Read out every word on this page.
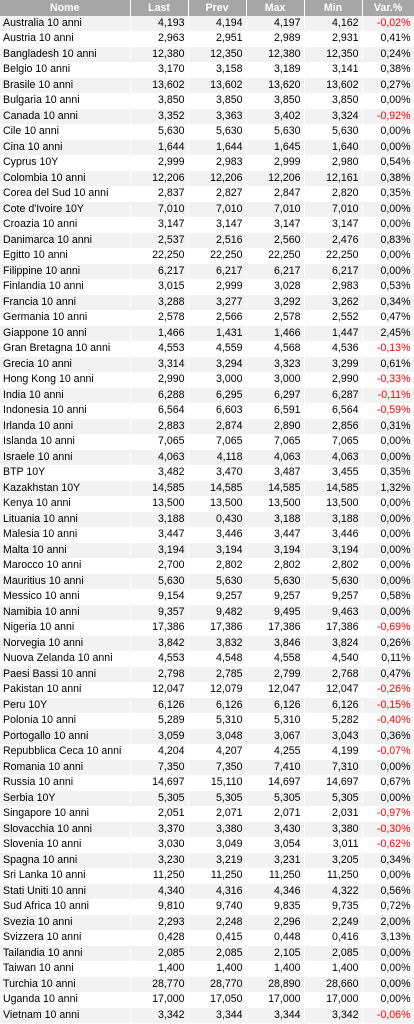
Nome	Last	Prev	Max	Min	Var.%
Australia 10 anni	4,193	4,194	4,197	4,162	-0,02%
Austria 10 anni	2,963	2,951	2,989	2,931	0,41%
Bangladesh 10 anni	12,380	12,350	12,380	12,350	0,24%
Belgio 10 anni	3,170	3,158	3,189	3,141	0,38%
Brasile 10 anni	13,602	13,602	13,620	13,602	0,27%
Bulgaria 10 anni	3,850	3,850	3,850	3,850	0,00%
Canada 10 anni	3,352	3,363	3,402	3,324	-0,92%
Cile 10 anni	5,630	5,630	5,630	5,630	0,00%
Cina 10 anni	1,644	1,644	1,645	1,640	0,00%
Cyprus 10Y	2,999	2,983	2,999	2,980	0,54%
Colombia 10 anni	12,206	12,206	12,206	12,161	0,38%
Corea del Sud 10 anni	2,837	2,827	2,847	2,820	0,35%
Cote d'Ivoire 10Y	7,010	7,010	7,010	7,010	0,00%
Croazia 10 anni	3,147	3,147	3,147	3,147	0,00%
Danimarca 10 anni	2,537	2,516	2,560	2,476	0,83%
Egitto 10 anni	22,250	22,250	22,250	22,250	0,00%
Filippine 10 anni	6,217	6,217	6,217	6,217	0,00%
Finlandia 10 anni	3,015	2,999	3,028	2,983	0,53%
Francia 10 anni	3,288	3,277	3,292	3,262	0,34%
Germania 10 anni	2,578	2,566	2,578	2,552	0,47%
Giappone 10 anni	1,466	1,431	1,466	1,447	2,45%
Gran Bretagna 10 anni	4,553	4,559	4,568	4,536	-0,13%
Grecia 10 anni	3,314	3,294	3,323	3,299	0,61%
Hong Kong 10 anni	2,990	3,000	3,000	2,990	-0,33%
India 10 anni	6,288	6,295	6,297	6,287	-0,11%
Indonesia 10 anni	6,564	6,603	6,591	6,564	-0,59%
Irlanda 10 anni	2,883	2,874	2,890	2,856	0,31%
Islanda 10 anni	7,065	7,065	7,065	7,065	0,00%
Israele 10 anni	4,063	4,118	4,063	4,063	0,00%
BTP 10Y	3,482	3,470	3,487	3,455	0,35%
Kazakhstan 10Y	14,585	14,585	14,585	14,585	1,32%
Kenya 10 anni	13,500	13,500	13,500	13,500	0,00%
Lituania 10 anni	3,188	0,430	3,188	3,188	0,00%
Malesia 10 anni	3,447	3,446	3,447	3,446	0,00%
Malta 10 anni	3,194	3,194	3,194	3,194	0,00%
Marocco 10 anni	2,700	2,802	2,802	2,802	0,00%
Mauritius 10 anni	5,630	5,630	5,630	5,630	0,00%
Messico 10 anni	9,154	9,257	9,257	9,257	0,58%
Namibia 10 anni	9,357	9,482	9,495	9,463	0,00%
Nigeria 10 anni	17,386	17,386	17,386	17,386	-0,69%
Norvegia 10 anni	3,842	3,832	3,846	3,824	0,26%
Nuova Zelanda 10 anni	4,553	4,548	4,558	4,540	0,11%
Paesi Bassi 10 anni	2,798	2,785	2,799	2,768	0,47%
Pakistan 10 anni	12,047	12,079	12,047	12,047	-0,26%
Peru 10Y	6,126	6,126	6,126	6,126	-0,15%
Polonia 10 anni	5,289	5,310	5,310	5,282	-0,40%
Portogallo 10 anni	3,059	3,048	3,067	3,043	0,36%
Repubblica Ceca 10 anni	4,204	4,207	4,255	4,199	-0,07%
Romania 10 anni	7,350	7,350	7,410	7,310	0,00%
Russia 10 anni	14,697	15,110	14,697	14,697	0,67%
Serbia 10Y	5,305	5,305	5,305	5,305	0,00%
Singapore 10 anni	2,051	2,071	2,071	2,031	-0,97%
Slovacchia 10 anni	3,370	3,380	3,430	3,380	-0,30%
Slovenia 10 anni	3,030	3,049	3,054	3,011	-0,62%
Spagna 10 anni	3,230	3,219	3,231	3,205	0,34%
Sri Lanka 10 anni	11,250	11,250	11,250	11,250	0,00%
Stati Uniti 10 anni	4,340	4,316	4,346	4,322	0,56%
Sud Africa 10 anni	9,810	9,740	9,835	9,735	0,72%
Svezia 10 anni	2,293	2,248	2,296	2,249	2,00%
Svizzera 10 anni	0,428	0,415	0,448	0,416	3,13%
Tailandia 10 anni	2,085	2,085	2,105	2,085	0,00%
Taiwan 10 anni	1,400	1,400	1,400	1,400	0,00%
Turchia 10 anni	28,770	28,770	28,890	28,660	0,00%
Uganda 10 anni	17,000	17,050	17,000	17,000	0,00%
Vietnam 10 anni	3,342	3,344	3,344	3,342	-0,06%
